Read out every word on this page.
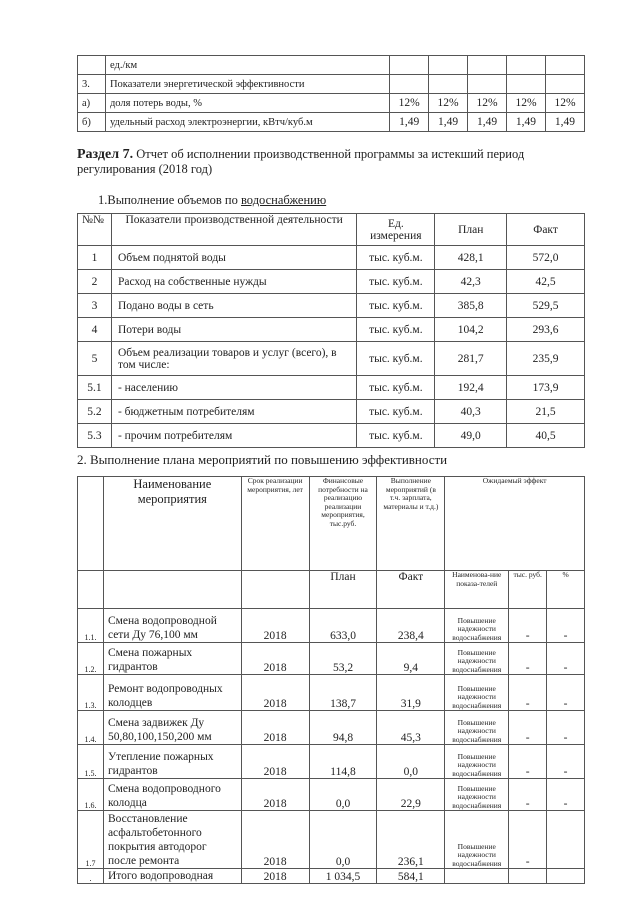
	ед./км					
3.	Показатели энергетической эффективности					
а)	доля потерь воды, %	12%	12%	12%	12%	12%
б)	удельный расход электроэнергии, кВтч/куб.м	1,49	1,49	1,49	1,49	1,49
Раздел 7. Отчет об исполнении производственной программы за истекший период регулирования (2018 год)
1.Выполнение объемов по водоснабжению
№№	Показатели производственной деятельности	Ед. измерения	План	Факт
1	Объем поднятой воды	тыс. куб.м.	428,1	572,0
2	Расход на собственные нужды	тыс. куб.м.	42,3	42,5
3	Подано воды в сеть	тыс. куб.м.	385,8	529,5
4	Потери воды	тыс. куб.м.	104,2	293,6
5	Объем реализации товаров и услуг (всего), в том числе:	тыс. куб.м.	281,7	235,9
5.1	- населению	тыс. куб.м.	192,4	173,9
5.2	- бюджетным потребителям	тыс. куб.м.	40,3	21,5
5.3	- прочим потребителям	тыс. куб.м.	49,0	40,5
2. Выполнение плана мероприятий по повышению эффективности
	Наименование мероприятия	Срок реализации мероприятия, лет	Финансовые потребности на реализацию реализации мероприятия, тыс.руб.	Выполнение мероприятий (в т.ч. зарплата, материалы и т.д.)	Ожидаемый эффект		
			План	Факт	Наименова-ние показа-телей	тыс. руб.	%
1.1.	Смена водопроводной сети Ду 76,100 мм	2018	633,0	238,4	Повышение надежности водоснабжения	-	-
1.2.	Смена пожарных гидрантов	2018	53,2	9,4	Повышение надежности водоснабжения	-	-
1.3.	Ремонт водопроводных колодцев	2018	138,7	31,9	Повышение надежности водоснабжения	-	-
1.4.	Смена задвижек Ду 50,80,100,150,200 мм	2018	94,8	45,3	Повышение надежности водоснабжения	-	-
1.5.	Утепление пожарных гидрантов	2018	114,8	0,0	Повышение надежности водоснабжения	-	-
1.6.	Смена водопроводного колодца	2018	0,0	22,9	Повышение надежности водоснабжения	-	-
1.7	Восстановление асфальтобетонного покрытия автодорог после ремонта	2018	0,0	236,1	Повышение надежности водоснабжения	-	
.	Итого водопроводная	2018	1 034,5	584,1			
